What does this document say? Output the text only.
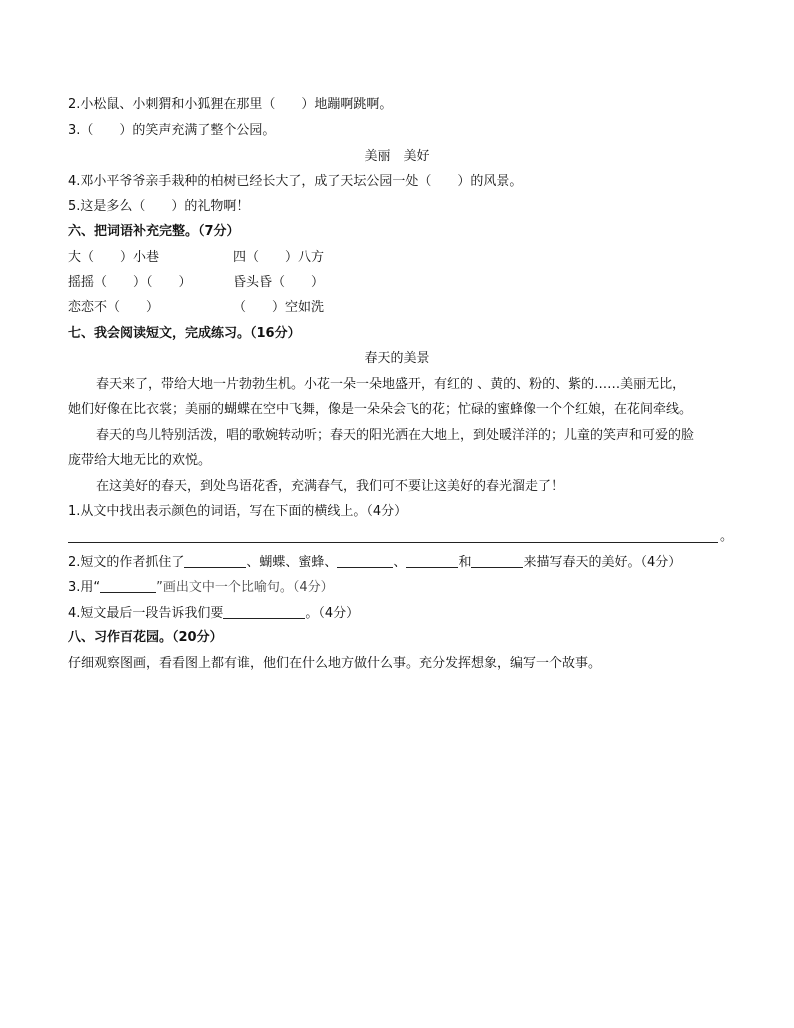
2.小松鼠、小刺猬和小狐狸在那里（　　）地蹦啊跳啊。
3.（　　）的笑声充满了整个公园。
美丽　美好
4.邓小平爷爷亲手栽种的柏树已经长大了，成了天坛公园一处（　　）的风景。
5.这是多么（　　）的礼物啊！
六、把词语补充完整。（7分）
大（　　）小巷	四（　　）八方
摇摇（　　）（　　）	昏头昏（　　）
恋恋不（　　）	（　　）空如洗
七、我会阅读短文，完成练习。（16分）
春天的美景
春天来了，带给大地一片勃勃生机。小花一朵一朵地盛开，有红的 、黄的、粉的、紫的……美丽无比，
她们好像在比衣裳；美丽的蝴蝶在空中飞舞，像是一朵朵会飞的花；忙碌的蜜蜂像一个个红娘，在花间牵线。
春天的鸟儿特别活泼，唱的歌婉转动听；春天的阳光洒在大地上，到处暖洋洋的；儿童的笑声和可爱的脸
庞带给大地无比的欢悦。
在这美好的春天，到处鸟语花香，充满春气，我们可不要让这美好的春光溜走了！
1.从文中找出表示颜色的词语，写在下面的横线上。（4分）
。
2.短文的作者抓住了	、蝴蝶、蜜蜂、	、	和	来描写春天的美好。（4分）
3.用“	”画出文中一个比喻句。（4分）
4.短文最后一段告诉我们要	。（4分）
八、习作百花园。（20分）
仔细观察图画，看看图上都有谁，他们在什么地方做什么事。充分发挥想象，编写一个故事。
